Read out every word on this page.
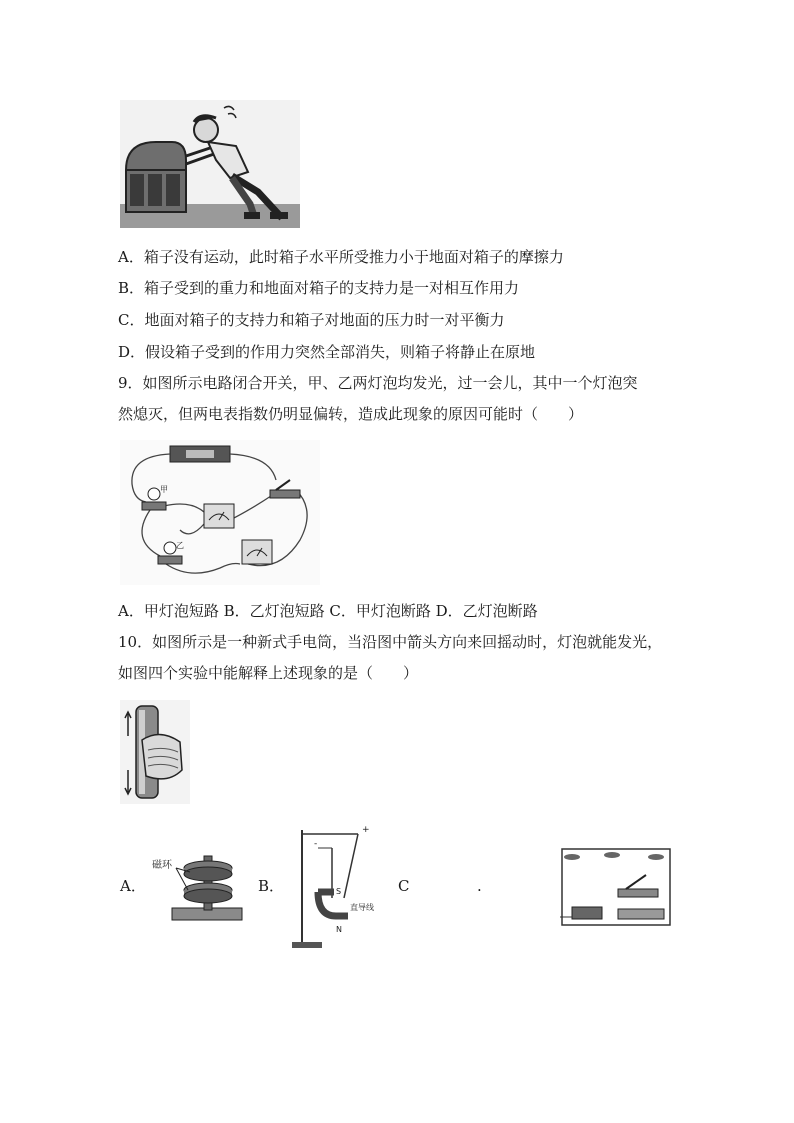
A．箱子没有运动，此时箱子水平所受推力小于地面对箱子的摩擦力
B．箱子受到的重力和地面对箱子的支持力是一对相互作用力
C．地面对箱子的支持力和箱子对地面的压力时一对平衡力
D．假设箱子受到的作用力突然全部消失，则箱子将静止在原地
9．如图所示电路闭合开关，甲、乙两灯泡均发光，过一会儿，其中一个灯泡突
然熄灭，但两电表指数仍明显偏转，造成此现象的原因可能时（　　）
甲
乙
A．甲灯泡短路 B．乙灯泡短路 C．甲灯泡断路 D．乙灯泡断路
10．如图所示是一种新式手电筒，当沿图中箭头方向来回摇动时，灯泡就能发光，
如图四个实验中能解释上述现象的是（　　）
A．
磁环
B．
+
-
S
N
直导线
C	.
